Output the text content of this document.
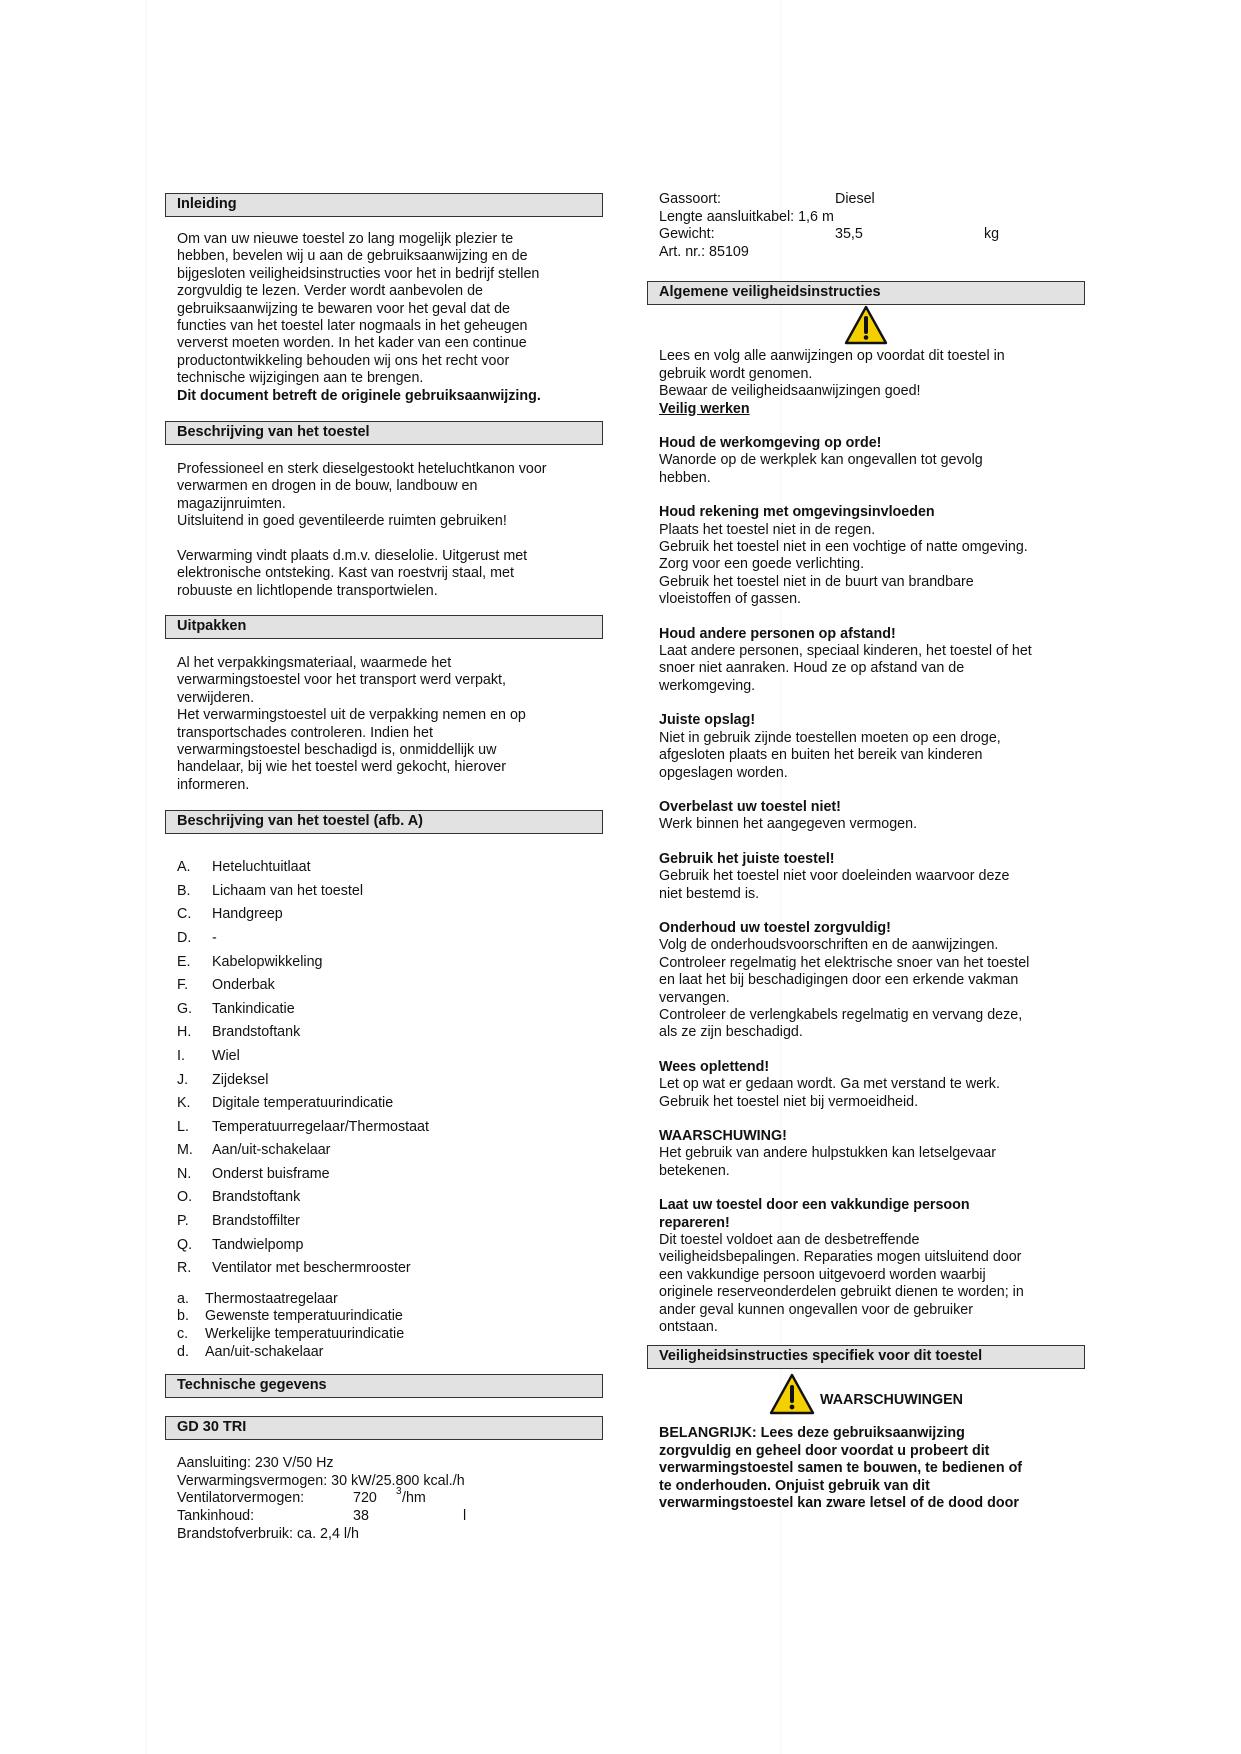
Inleiding

Om van uw nieuwe toestel zo lang mogelijk plezier te

hebben, bevelen wij u aan de gebruiksaanwijzing en de

bijgesloten veiligheidsinstructies voor het in bedrijf stellen

zorgvuldig te lezen. Verder wordt aanbevolen de

gebruiksaanwijzing te bewaren voor het geval dat de

functies van het toestel later nogmaals in het geheugen

ververst moeten worden. In het kader van een continue

productontwikkeling behouden wij ons het recht voor

technische wijzigingen aan te brengen.

Dit document betreft de originele gebruiksaanwijzing.

Beschrijving van het toestel

Professioneel en sterk dieselgestookt heteluchtkanon voor

verwarmen en drogen in de bouw, landbouw en

magazijnruimten.

Uitsluitend in goed geventileerde ruimten gebruiken!

Verwarming vindt plaats d.m.v. dieselolie. Uitgerust met

elektronische ontsteking. Kast van roestvrij staal, met

robuuste en lichtlopende transportwielen.

Uitpakken

Al het verpakkingsmateriaal, waarmede het

verwarmingstoestel voor het transport werd verpakt,

verwijderen.

Het verwarmingstoestel uit de verpakking nemen en op

transportschades controleren. Indien het

verwarmingstoestel beschadigd is, onmiddellijk uw

handelaar, bij wie het toestel werd gekocht, hierover

informeren.

Beschrijving van het toestel (afb. A)
A.	Heteluchtuitlaat
B.	Lichaam van het toestel
C.	Handgreep
D.	-
E.	Kabelopwikkeling
F.	Onderbak
G.	Tankindicatie
H.	Brandstoftank
I.	Wiel
J.	Zijdeksel
K.	Digitale temperatuurindicatie
L.	Temperatuurregelaar/Thermostaat
M.	Aan/uit-schakelaar
N.	Onderst buisframe
O.	Brandstoftank
P.	Brandstoffilter
Q.	Tandwielpomp
R.	Ventilator met beschermrooster
a.	Thermostaatregelaar
b.	Gewenste temperatuurindicatie
c.	Werkelijke temperatuurindicatie
d.	Aan/uit-schakelaar
Technische gegevens
GD 30 TRI
Aansluiting: 230 V/50 Hz
Verwarmingsvermogen: 30 kW/25.800 kcal./h
Ventilatorvermogen:	720 3 /hm
Tankinhoud:	38	l
Brandstofverbruik: ca. 2,4 l/h
Gassoort:	Diesel
Lengte aansluitkabel: 1,6 m
Gewicht:	35,5	kg
Art. nr.: 85109
Algemene veiligheidsinstructies

Lees en volg alle aanwijzingen op voordat dit toestel in

gebruik wordt genomen.

Bewaar de veiligheidsaanwijzingen goed!

Veilig werken

Houd de werkomgeving op orde!

Wanorde op de werkplek kan ongevallen tot gevolg

hebben.

Houd rekening met omgevingsinvloeden

Plaats het toestel niet in de regen.

Gebruik het toestel niet in een vochtige of natte omgeving.

Zorg voor een goede verlichting.

Gebruik het toestel niet in de buurt van brandbare

vloeistoffen of gassen.

Houd andere personen op afstand!

Laat andere personen, speciaal kinderen, het toestel of het

snoer niet aanraken. Houd ze op afstand van de

werkomgeving.

Juiste opslag!

Niet in gebruik zijnde toestellen moeten op een droge,

afgesloten plaats en buiten het bereik van kinderen

opgeslagen worden.

Overbelast uw toestel niet!

Werk binnen het aangegeven vermogen.

Gebruik het juiste toestel!

Gebruik het toestel niet voor doeleinden waarvoor deze

niet bestemd is.

Onderhoud uw toestel zorgvuldig!

Volg de onderhoudsvoorschriften en de aanwijzingen.

Controleer regelmatig het elektrische snoer van het toestel

en laat het bij beschadigingen door een erkende vakman

vervangen.

Controleer de verlengkabels regelmatig en vervang deze,

als ze zijn beschadigd.

Wees oplettend!

Let op wat er gedaan wordt. Ga met verstand te werk.

Gebruik het toestel niet bij vermoeidheid.

WAARSCHUWING!

Het gebruik van andere hulpstukken kan letselgevaar

betekenen.

Laat uw toestel door een vakkundige persoon

repareren!

Dit toestel voldoet aan de desbetreffende

veiligheidsbepalingen. Reparaties mogen uitsluitend door

een vakkundige persoon uitgevoerd worden waarbij

originele reserveonderdelen gebruikt dienen te worden; in

ander geval kunnen ongevallen voor de gebruiker

ontstaan.

Veiligheidsinstructies specifiek voor dit toestel
WAARSCHUWINGEN

BELANGRIJK: Lees deze gebruiksaanwijzing

zorgvuldig en geheel door voordat u probeert dit

verwarmingstoestel samen te bouwen, te bedienen of

te onderhouden. Onjuist gebruik van dit

verwarmingstoestel kan zware letsel of de dood door
